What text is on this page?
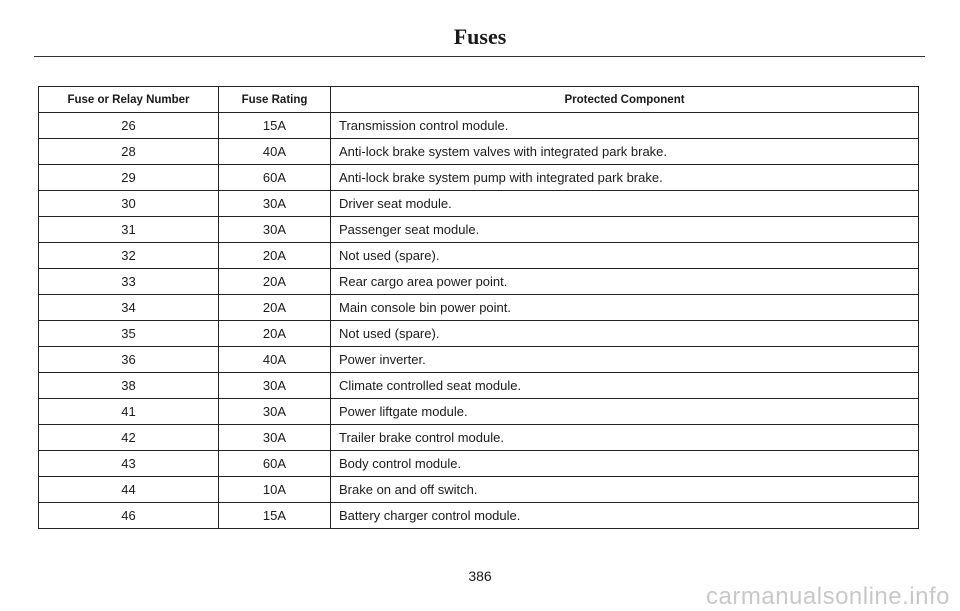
Fuses
Fuse or Relay Number	Fuse Rating	Protected Component
26	15A	Transmission control module.
28	40A	Anti-lock brake system valves with integrated park brake.
29	60A	Anti-lock brake system pump with integrated park brake.
30	30A	Driver seat module.
31	30A	Passenger seat module.
32	20A	Not used (spare).
33	20A	Rear cargo area power point.
34	20A	Main console bin power point.
35	20A	Not used (spare).
36	40A	Power inverter.
38	30A	Climate controlled seat module.
41	30A	Power liftgate module.
42	30A	Trailer brake control module.
43	60A	Body control module.
44	10A	Brake on and off switch.
46	15A	Battery charger control module.
386
carmanualsonline.info
